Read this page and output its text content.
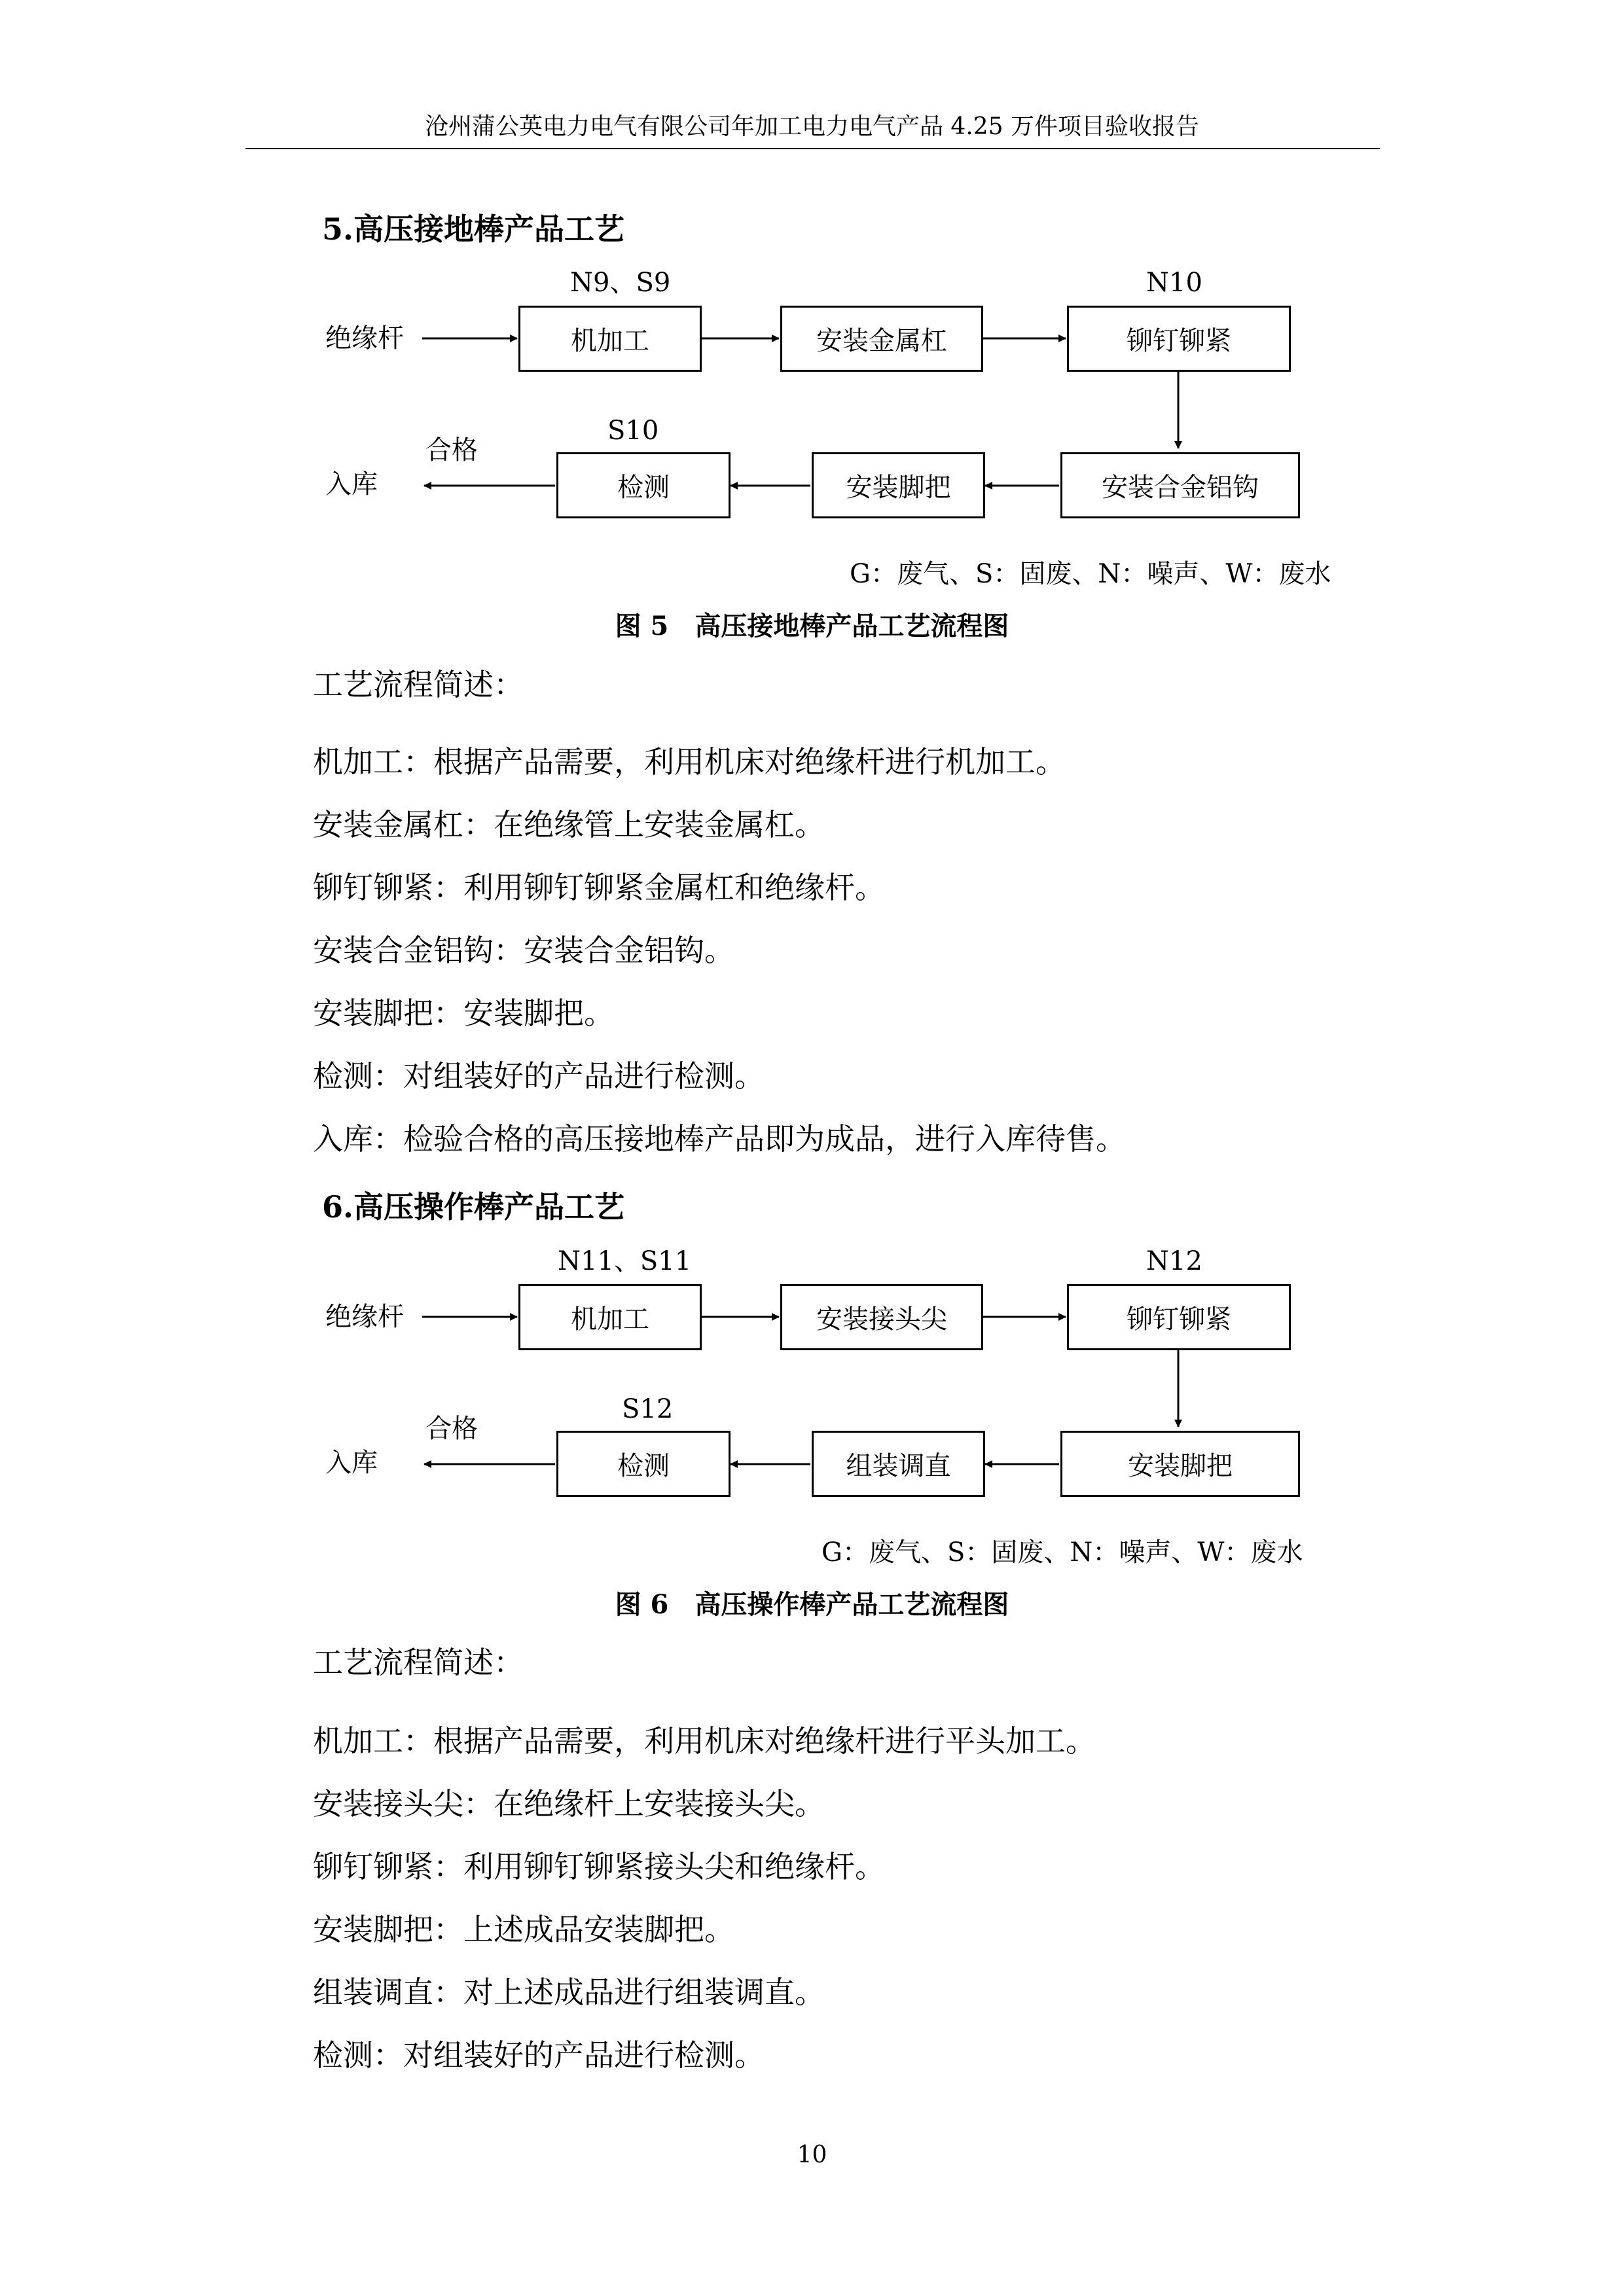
沧州蒲公英电力电气有限公司年加工电力电气产品 4.25 万件项目验收报告
5.高压接地棒产品工艺
绝缘杆
N9、S9	N10
机加工	安装金属杠	铆钉铆紧
S10
合格
入库	检测	安装脚把	安装合金铝钩
G：废气、S：固废、N：噪声、W：废水
图 5　高压接地棒产品工艺流程图
工艺流程简述：
机加工：根据产品需要，利用机床对绝缘杆进行机加工。
安装金属杠：在绝缘管上安装金属杠。
铆钉铆紧：利用铆钉铆紧金属杠和绝缘杆。
安装合金铝钩：安装合金铝钩。
安装脚把：安装脚把。
检测：对组装好的产品进行检测。
入库：检验合格的高压接地棒产品即为成品，进行入库待售。
6.高压操作棒产品工艺
绝缘杆
N11、S11	N12
机加工	安装接头尖	铆钉铆紧
S12
合格
入库	检测	组装调直	安装脚把
G：废气、S：固废、N：噪声、W：废水
图 6　高压操作棒产品工艺流程图
工艺流程简述：
机加工：根据产品需要，利用机床对绝缘杆进行平头加工。
安装接头尖：在绝缘杆上安装接头尖。
铆钉铆紧：利用铆钉铆紧接头尖和绝缘杆。
安装脚把：上述成品安装脚把。
组装调直：对上述成品进行组装调直。
检测：对组装好的产品进行检测。
10
